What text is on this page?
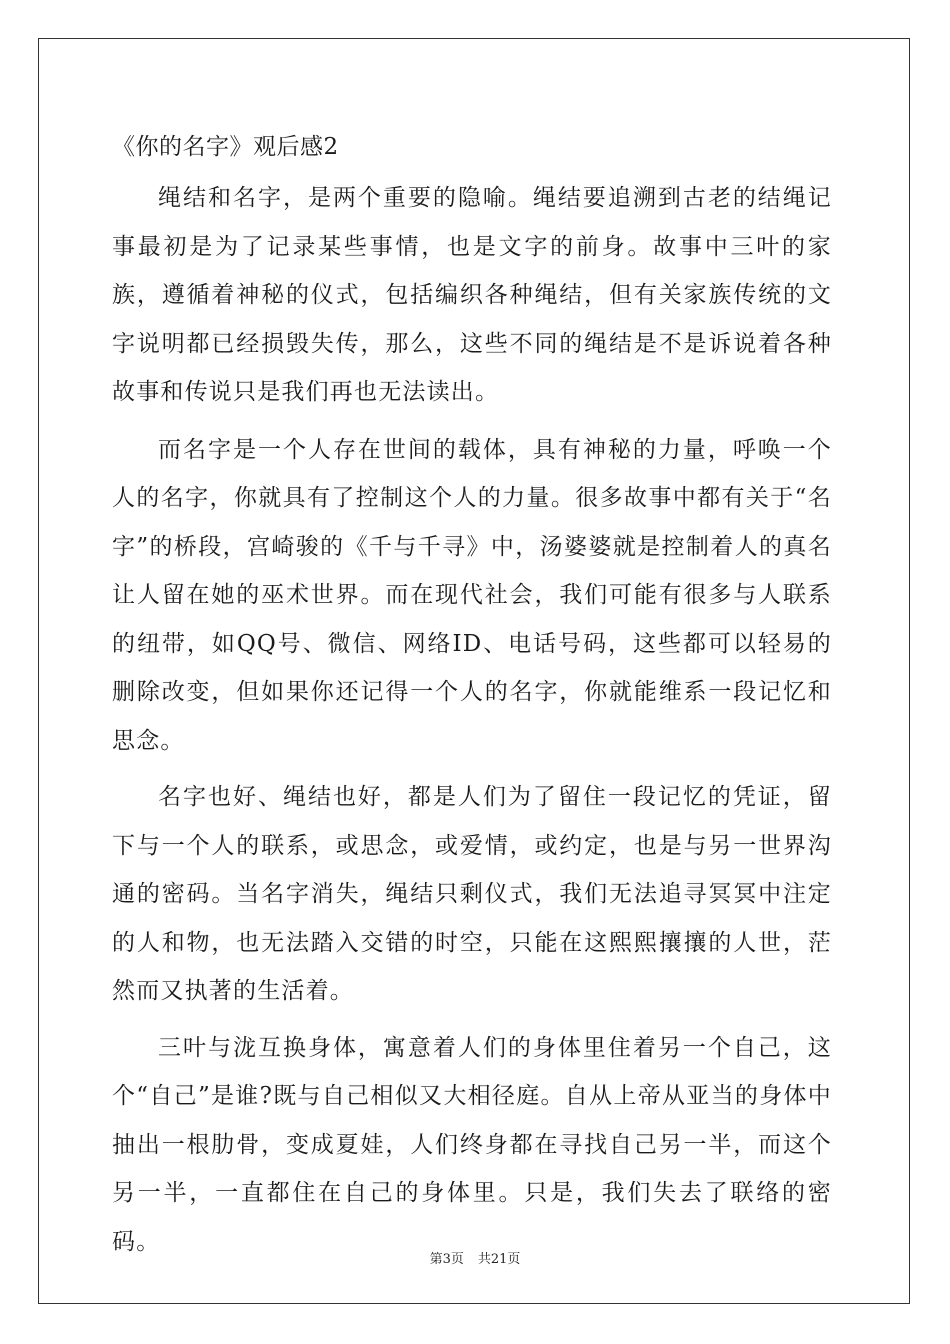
《你的名字》观后感2

绳结和名字，是两个重要的隐喻。绳结要追溯到古老的结绳记事最初是为了记录某些事情，也是文字的前身。故事中三叶的家族，遵循着神秘的仪式，包括编织各种绳结，但有关家族传统的文字说明都已经损毁失传，那么，这些不同的绳结是不是诉说着各种故事和传说只是我们再也无法读出。

而名字是一个人存在世间的载体，具有神秘的力量，呼唤一个人的名字，你就具有了控制这个人的力量。很多故事中都有关于“名字”的桥段，宫崎骏的《千与千寻》中，汤婆婆就是控制着人的真名让人留在她的巫术世界。而在现代社会，我们可能有很多与人联系的纽带，如QQ号、微信、网络ID、电话号码，这些都可以轻易的删除改变，但如果你还记得一个人的名字，你就能维系一段记忆和思念。

名字也好、绳结也好，都是人们为了留住一段记忆的凭证，留下与一个人的联系，或思念，或爱情，或约定，也是与另一世界沟通的密码。当名字消失，绳结只剩仪式，我们无法追寻冥冥中注定的人和物，也无法踏入交错的时空，只能在这熙熙攘攘的人世，茫然而又执著的生活着。

三叶与泷互换身体，寓意着人们的身体里住着另一个自己，这个“自己”是谁?既与自己相似又大相径庭。自从上帝从亚当的身体中抽出一根肋骨，变成夏娃，人们终身都在寻找自己另一半，而这个另一半，一直都住在自己的身体里。只是，我们失去了联络的密码。

第3页 共21页
